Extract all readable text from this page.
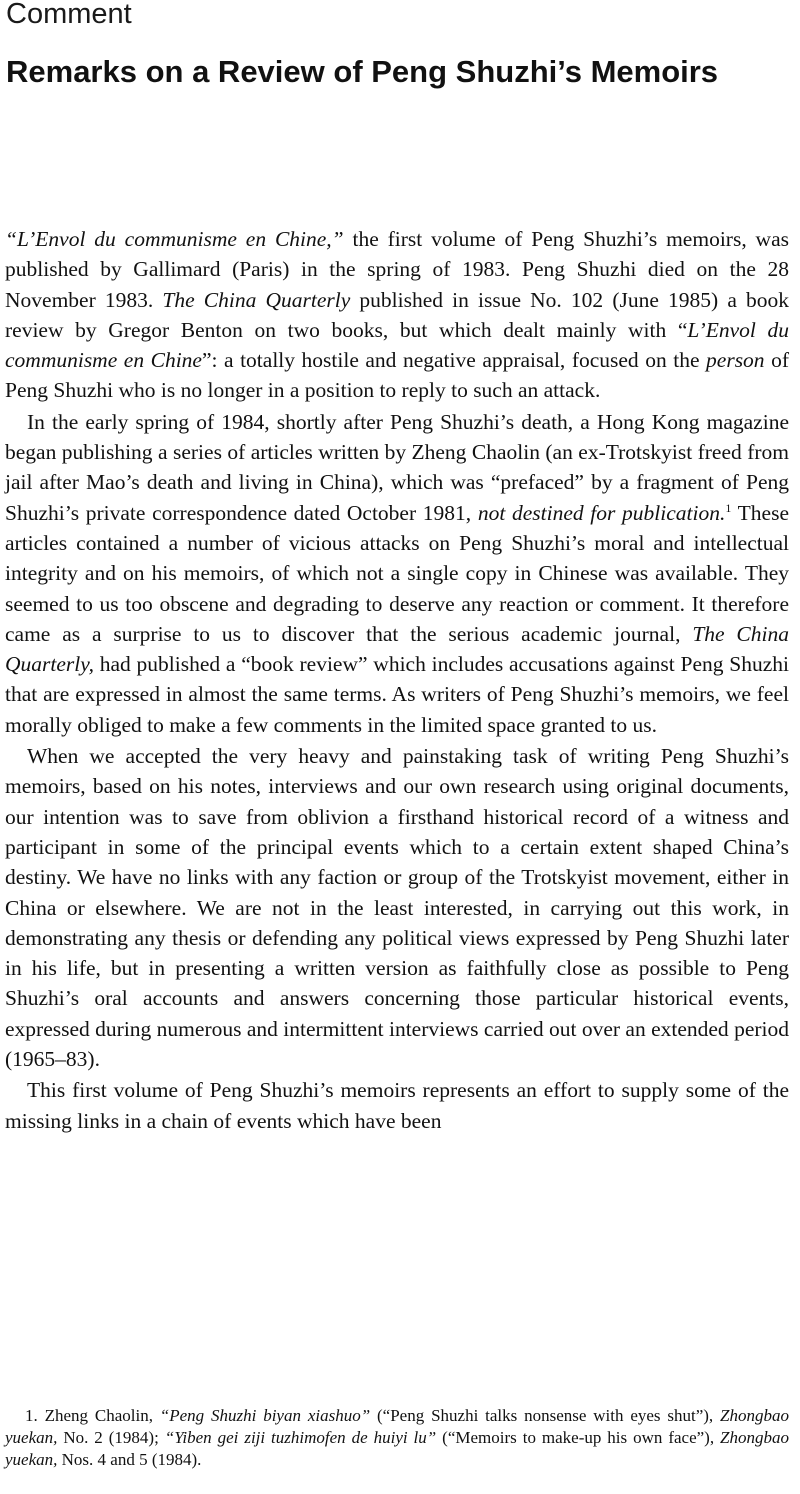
Comment
Remarks on a Review of Peng Shuzhi’s Memoirs

“L’Envol du communisme en Chine,” the first volume of Peng Shuzhi’s memoirs, was published by Gallimard (Paris) in the spring of 1983. Peng Shuzhi died on the 28 November 1983. The China Quarterly published in issue No. 102 (June 1985) a book review by Gregor Benton on two books, but which dealt mainly with “L’Envol du communisme en Chine”: a totally hostile and negative appraisal, focused on the person of Peng Shuzhi who is no longer in a position to reply to such an attack.

In the early spring of 1984, shortly after Peng Shuzhi’s death, a Hong Kong magazine began publishing a series of articles written by Zheng Chaolin (an ex-Trotskyist freed from jail after Mao’s death and living in China), which was “prefaced” by a fragment of Peng Shuzhi’s private correspondence dated October 1981, not destined for publication.$^1$ These articles contained a number of vicious attacks on Peng Shuzhi’s moral and intellectual integrity and on his memoirs, of which not a single copy in Chinese was available. They seemed to us too obscene and degrading to deserve any reaction or comment. It therefore came as a surprise to us to discover that the serious academic journal, The China Quarterly, had published a “book review” which includes accusations against Peng Shuzhi that are expressed in almost the same terms. As writers of Peng Shuzhi’s memoirs, we feel morally obliged to make a few comments in the limited space granted to us.

When we accepted the very heavy and painstaking task of writing Peng Shuzhi’s memoirs, based on his notes, interviews and our own research using original documents, our intention was to save from oblivion a firsthand historical record of a witness and participant in some of the principal events which to a certain extent shaped China’s destiny. We have no links with any faction or group of the Trotskyist movement, either in China or elsewhere. We are not in the least interested, in carrying out this work, in demonstrating any thesis or defending any political views expressed by Peng Shuzhi later in his life, but in presenting a written version as faithfully close as possible to Peng Shuzhi’s oral accounts and answers concerning those particular historical events, expressed during numerous and intermittent interviews carried out over an extended period (1965–83).

This first volume of Peng Shuzhi’s memoirs represents an effort to supply some of the missing links in a chain of events which have been

1. Zheng Chaolin, “Peng Shuzhi biyan xiashuo” (“Peng Shuzhi talks nonsense with eyes shut”), Zhongbao yuekan, No. 2 (1984); “Yiben gei ziji tuzhimofen de huiyi lu” (“Memoirs to make-up his own face”), Zhongbao yuekan, Nos. 4 and 5 (1984).
